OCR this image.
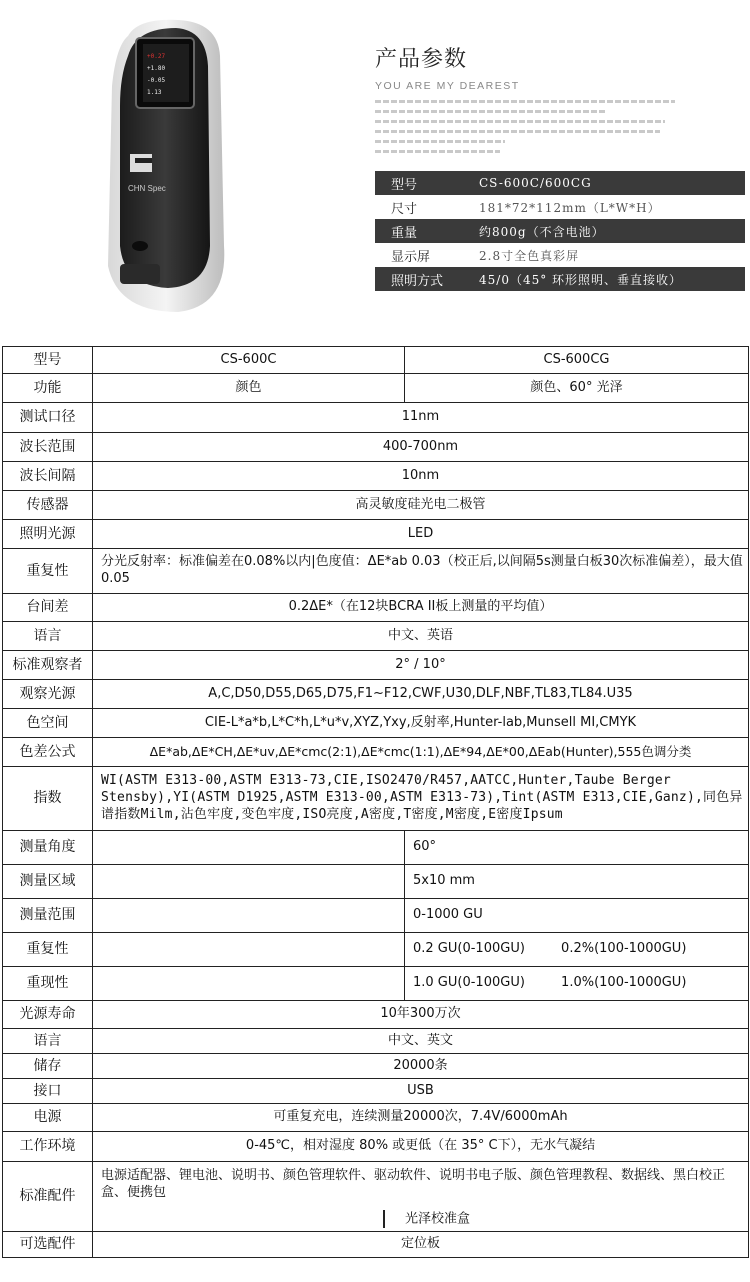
+0.27
+1.80
-0.05
1.13
CHN Spec
产品参数
YOU ARE MY DEAREST
型号	CS-600C/600CG
尺寸	181*72*112mm（L*W*H）
重量	约800g（不含电池）
显示屏	2.8寸全色真彩屏
照明方式	45/0（45° 环形照明、垂直接收）
型号	CS-600C	CS-600CG
功能	颜色	颜色、60° 光泽
测试口径	11nm	
波长范围	400-700nm	
波长间隔	10nm	
传感器	高灵敏度硅光电二极管	
照明光源	LED	
重复性	分光反射率：标准偏差在0.08%以内|色度值：ΔE*ab 0.03（校正后,以间隔5s测量白板30次标准偏差），最大值0.05	
台间差	0.2ΔE*（在12块BCRA II板上测量的平均值）	
语言	中文、英语	
标准观察者	2° / 10°	
观察光源	A,C,D50,D55,D65,D75,F1~F12,CWF,U30,DLF,NBF,TL83,TL84.U35	
色空间	CIE-L*a*b,L*C*h,L*u*v,XYZ,Yxy,反射率,Hunter-lab,Munsell MI,CMYK	
色差公式	ΔE*ab,ΔE*CH,ΔE*uv,ΔE*cmc(2:1),ΔE*cmc(1:1),ΔE*94,ΔE*00,ΔEab(Hunter),555色调分类	
指数	WI(ASTM E313-00,ASTM E313-73,CIE,ISO2470/R457,AATCC,Hunter,Taube Berger Stensby),YI(ASTM D1925,ASTM E313-00,ASTM E313-73),Tint(ASTM E313,CIE,Ganz),同色异谱指数Milm,沾色牢度,变色牢度,ISO亮度,A密度,T密度,M密度,E密度Ipsum	
测量角度		60°
测量区域		5x10 mm
测量范围		0-1000 GU
重复性		0.2 GU(0-100GU) 0.2%(100-1000GU)
重现性		1.0 GU(0-100GU) 1.0%(100-1000GU)
光源寿命	10年300万次	
语言	中文、英文	
储存	20000条	
接口	USB	
电源	可重复充电，连续测量20000次，7.4V/6000mAh	
工作环境	0-45℃，相对湿度 80% 或更低（在 35° C下），无水气凝结	
标准配件	电源适配器、锂电池、说明书、颜色管理软件、驱动软件、说明书电子版、颜色管理教程、数据线、黑白校正盒、便携包
光泽校准盒	

可选配件	定位板	
